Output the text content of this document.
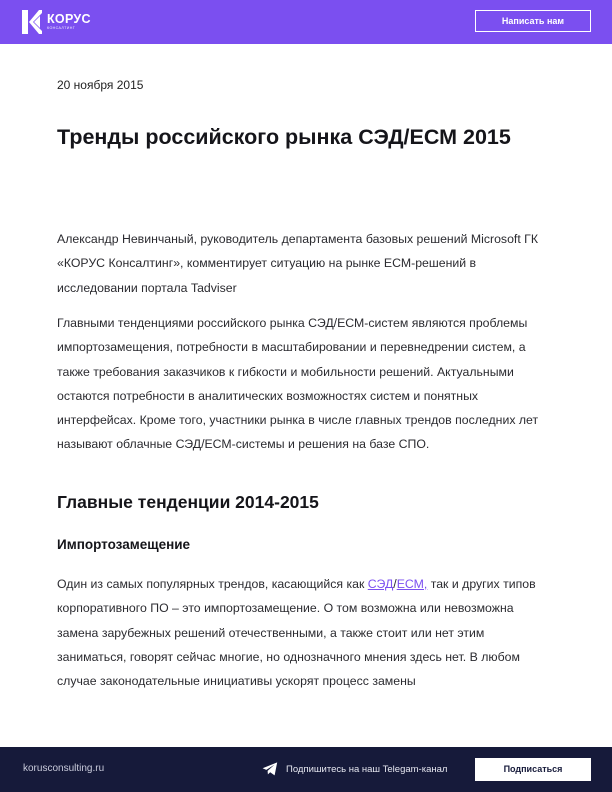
КОРУС
КОНСАЛТИНГ
Написать нам
20 ноября 2015
Тренды российского рынка СЭД/ЕСМ 2015

Александр Невинчаный, руководитель департамента базовых решений Microsoft ГК «КОРУС Консалтинг», комментирует ситуацию на рынке ЕСМ-решений в исследовании портала Tadviser

Главными тенденциями российского рынка СЭД/ЕСМ-систем являются проблемы импортозамещения, потребности в масштабировании и перевнедрении систем, а также требования заказчиков к гибкости и мобильности решений. Актуальными остаются потребности в аналитических возможностях систем и понятных интерфейсах. Кроме того, участники рынка в числе главных трендов последних лет называют облачные СЭД/ЕСМ-системы и решения на базе СПО.

Главные тенденции 2014-2015
Импортозамещение

Один из самых популярных трендов, касающийся как СЭД/ЕСМ, так и других типов корпоративного ПО – это импортозамещение. О том возможна или невозможна замена зарубежных решений отечественными, а также стоит или нет этим заниматься, говорят сейчас многие, но однозначного мнения здесь нет. В любом случае законодательные инициативы ускорят процесс замены

korusconsulting.ru	Подпишитесь на наш Telegam-канал	Подписаться
